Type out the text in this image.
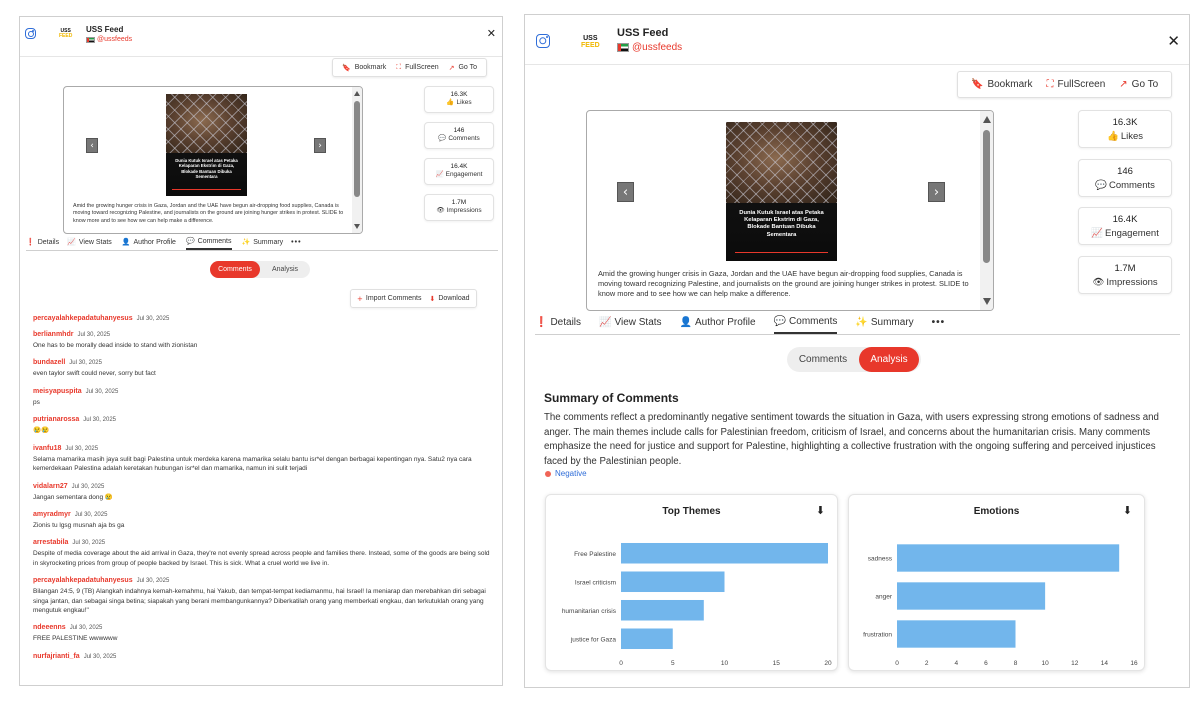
USS
FEED
USS Feed
@ussfeeds	✕
🔖 Bookmark ⛶ FullScreen ↗ Go To
Dunia Kutuk Israel atas Petaka Kelaparan Ekstrim di Gaza, Blokade Bantuan Dibuka Sementara
‹	›
Amid the growing hunger crisis in Gaza, Jordan and the UAE have begun air-dropping food supplies, Canada is moving toward recognizing Palestine, and journalists on the ground are joining hunger strikes in protest. SLIDE to know more and to see how we can help make a difference.
16.3K
👍 Likes
146
💬 Comments
16.4K
📈 Engagement
1.7M
👁 Impressions
❗ Details 📈 View Stats 👤 Author Profile 💬 Comments ✨ Summary •••
Comments	Analysis
+ Import Comments ⬇ Download
percayalahkepadatuhanyesus Jul 30, 2025
berlianmhdr Jul 30, 2025
One has to be morally dead inside to stand with zionistan
bundazell Jul 30, 2025
even taylor swift could never, sorry but fact
meisyapuspita Jul 30, 2025
ps
putrianarossa Jul 30, 2025
😢😢
ivanfu18 Jul 30, 2025
Selama mamarika masih jaya sulit bagi Palestina untuk merdeka karena mamarika selalu bantu isr*el dengan berbagai kepentingan nya. Satu2 nya cara kemerdekaan Palestina adalah keretakan hubungan isr*el dan mamarika, namun ini sulit terjadi
vidalarn27 Jul 30, 2025
Jangan sementara dong 😢
amyradmyr Jul 30, 2025
Zionis tu lgsg musnah aja bs ga
arrestabila Jul 30, 2025
Despite of media coverage about the aid arrival in Gaza, they're not evenly spread across people and families there. Instead, some of the goods are being sold in skyrocketing prices from group of people backed by Israel. This is sick. What a cruel world we live in.
percayalahkepadatuhanyesus Jul 30, 2025
Bilangan 24:5, 9 (TB) Alangkah indahnya kemah-kemahmu, hai Yakub, dan tempat-tempat kediamanmu, hai Israel! Ia meniarap dan merebahkan diri sebagai singa jantan, dan sebagai singa betina; siapakah yang berani membangunkannya? Diberkatilah orang yang memberkati engkau, dan terkutuklah orang yang mengutuk engkau!"
ndeeenns Jul 30, 2025
FREE PALESTINE wwwwww
nurfajrianti_fa Jul 30, 2025
USS
FEED
USS Feed
@ussfeeds	✕
🔖 Bookmark ⛶ FullScreen ↗ Go To
Dunia Kutuk Israel atas Petaka Kelaparan Ekstrim di Gaza, Blokade Bantuan Dibuka Sementara
‹	›
Amid the growing hunger crisis in Gaza, Jordan and the UAE have begun air-dropping food supplies, Canada is moving toward recognizing Palestine, and journalists on the ground are joining hunger strikes in protest. SLIDE to know more and to see how we can help make a difference.
16.3K
👍 Likes
146
💬 Comments
16.4K
📈 Engagement
1.7M
👁 Impressions
❗ Details 📈 View Stats 👤 Author Profile 💬 Comments ✨ Summary •••
Comments	Analysis
Summary of Comments
The comments reflect a predominantly negative sentiment towards the situation in Gaza, with users expressing strong emotions of sadness and anger. The main themes include calls for Palestinian freedom, criticism of Israel, and concerns about the humanitarian crisis. Many comments emphasize the need for justice and support for Palestine, highlighting a collective frustration with the ongoing suffering and perceived injustices faced by the Palestinian people.
Negative
Top Themes	⬇
Free Palestine
Israel criticism
humanitarian crisis
justice for Gaza
0	5	10	15	20
Emotions	⬇
sadness
anger
frustration
0	2	4	6	8	10	12	14	16
